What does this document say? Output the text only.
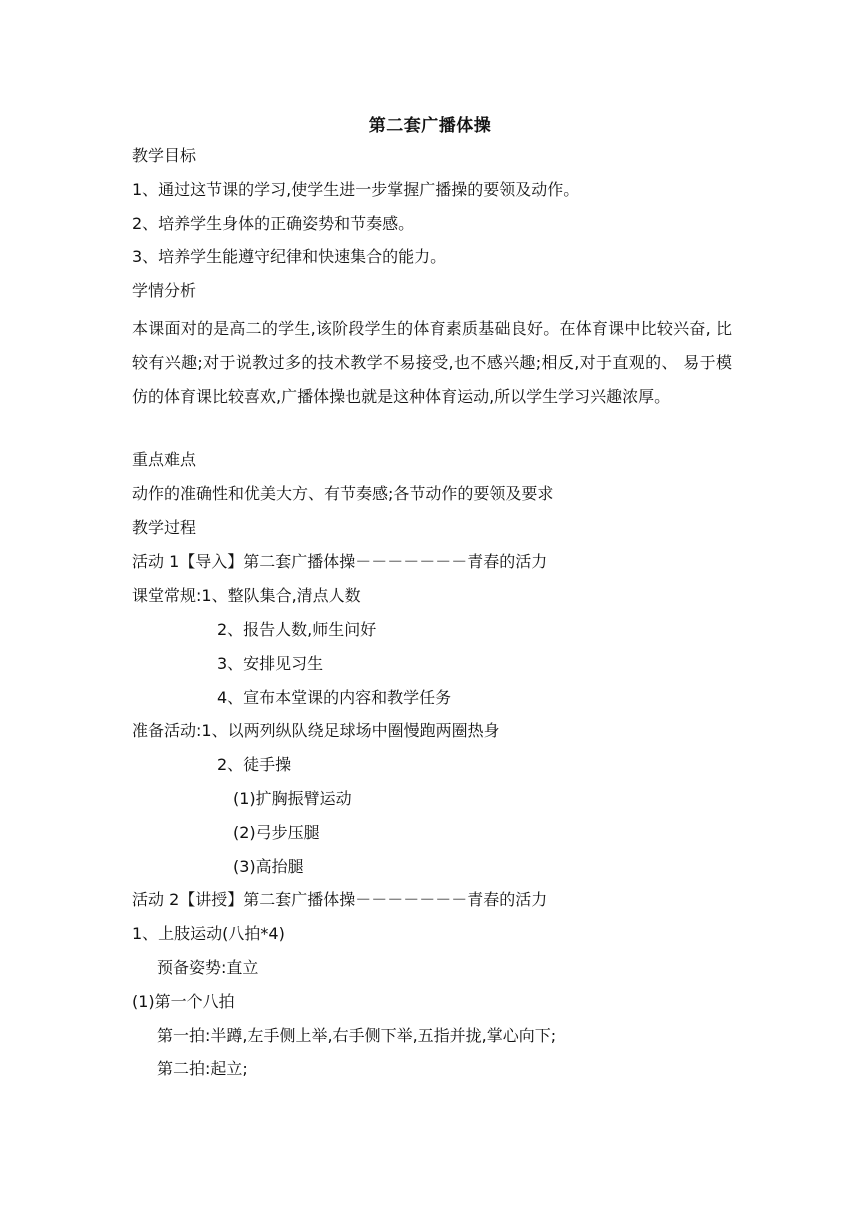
第二套广播体操
教学目标
1、通过这节课的学习,使学生进一步掌握广播操的要领及动作。
2、培养学生身体的正确姿势和节奏感。
3、培养学生能遵守纪律和快速集合的能力。
学情分析
本课面对的是高二的学生,该阶段学生的体育素质基础良好。在体育课中比较兴奋, 比较有兴趣;对于说教过多的技术教学不易接受,也不感兴趣;相反,对于直观的、 易于模仿的体育课比较喜欢,广播体操也就是这种体育运动,所以学生学习兴趣浓厚。
重点难点
动作的准确性和优美大方、有节奏感;各节动作的要领及要求
教学过程
活动 1【导入】第二套广播体操－－－－－－－青春的活力
课堂常规:1、整队集合,清点人数
2、报告人数,师生问好
3、安排见习生
4、宣布本堂课的内容和教学任务
准备活动:1、以两列纵队绕足球场中圈慢跑两圈热身
2、徒手操
(1)扩胸振臂运动
(2)弓步压腿
(3)高抬腿
活动 2【讲授】第二套广播体操－－－－－－－青春的活力
1、上肢运动(八拍*4)
预备姿势:直立
(1)第一个八拍
第一拍:半蹲,左手侧上举,右手侧下举,五指并拢,掌心向下;
第二拍:起立;
